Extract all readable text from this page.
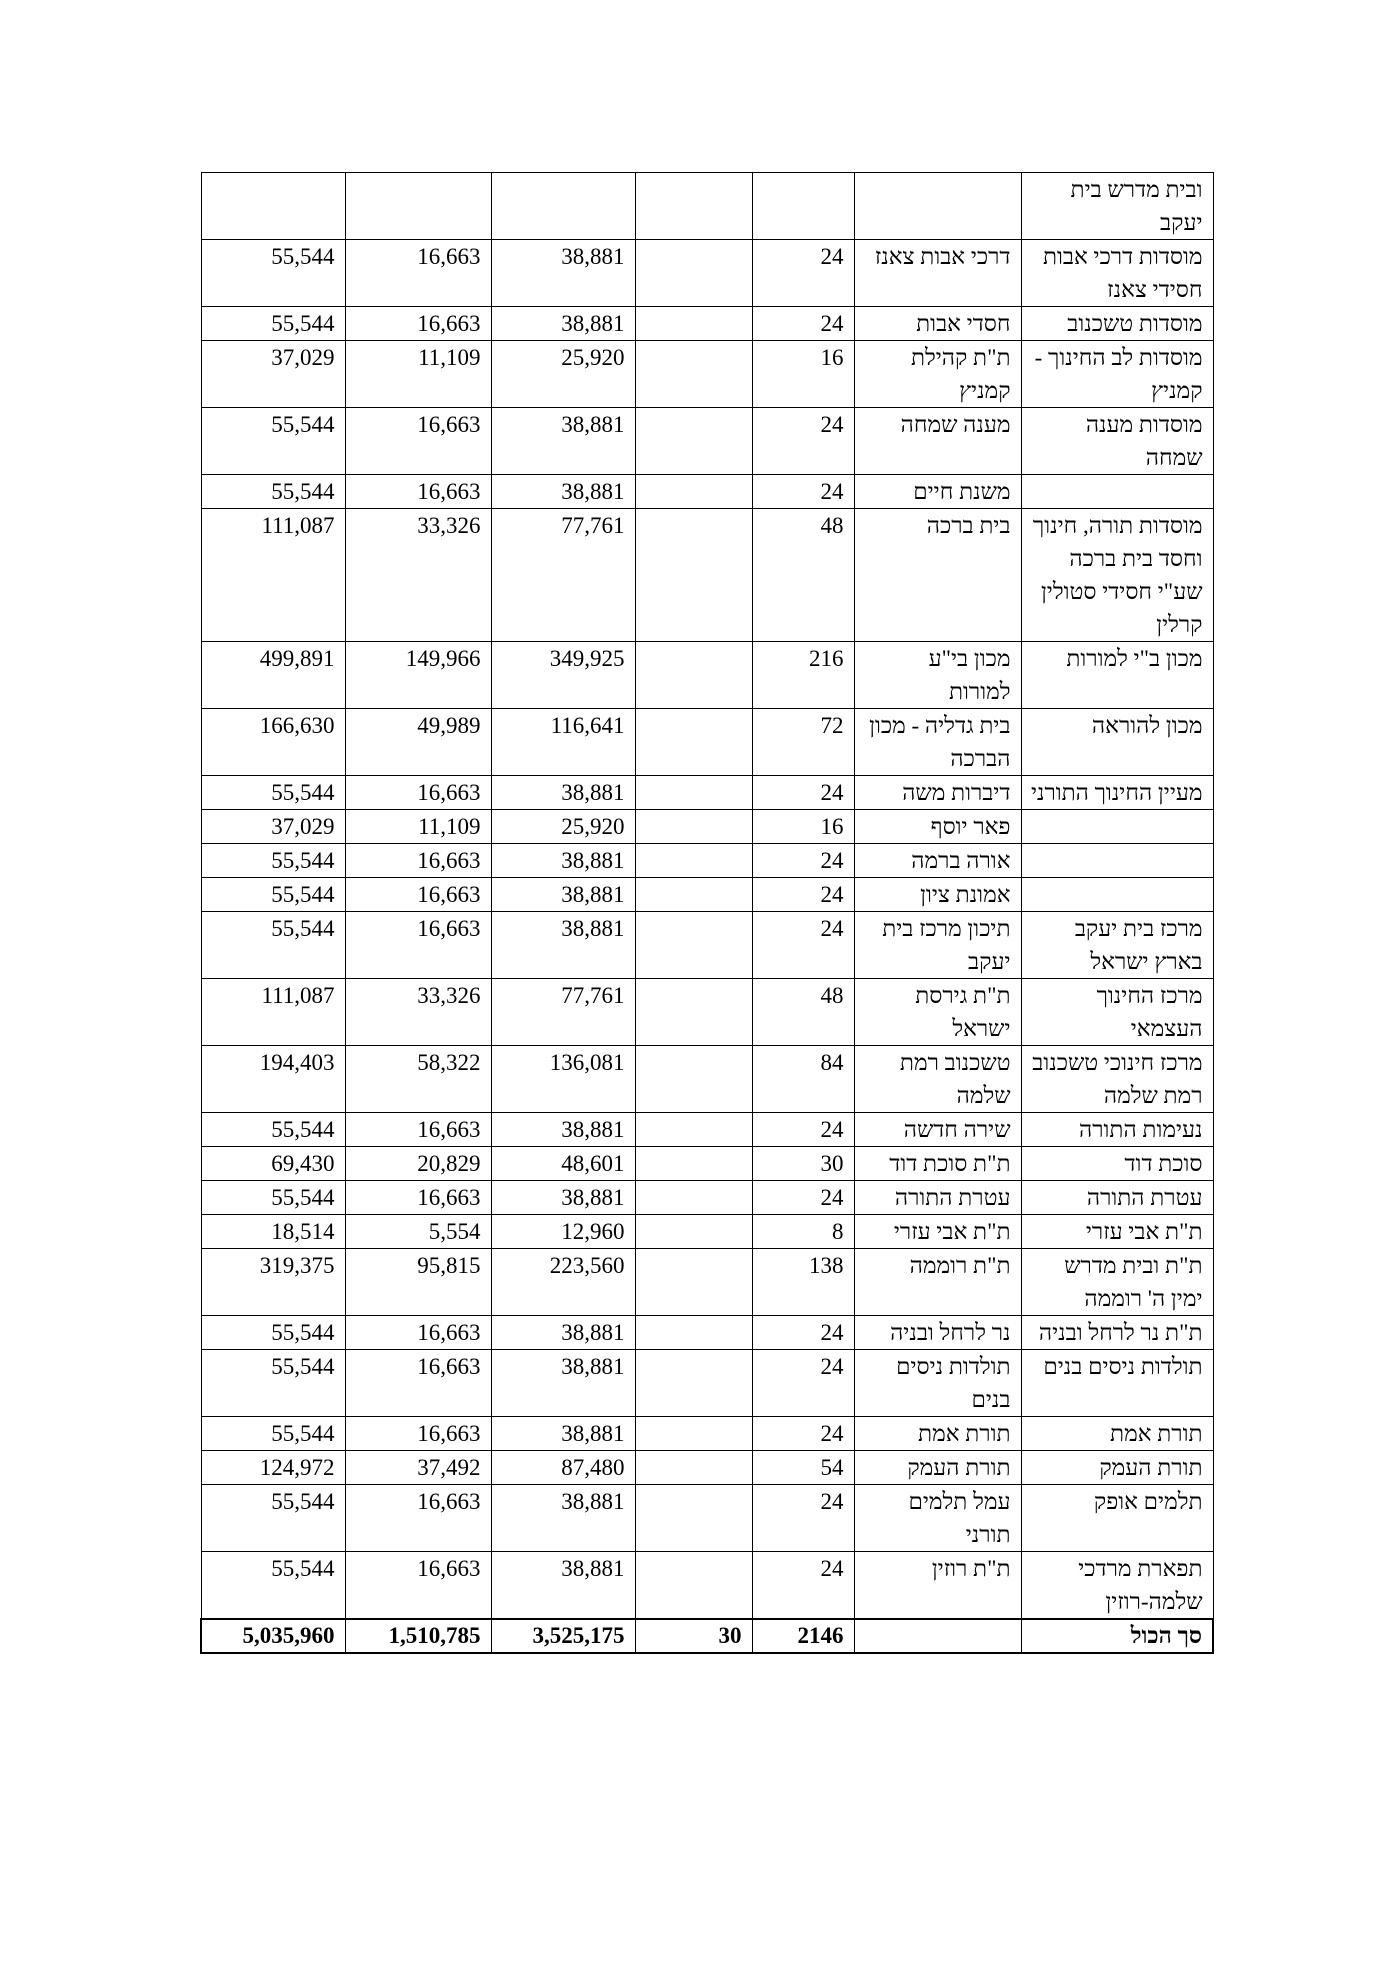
						ובית מדרש בית יעקב
55,544	16,663	38,881		24	דרכי אבות צאנז	מוסדות דרכי אבות חסידי צאנז
55,544	16,663	38,881		24	חסדי אבות	מוסדות טשכנוב
37,029	11,109	25,920		16	ת"ת קהילת קמניץ	מוסדות לב החינוך - קמניץ
55,544	16,663	38,881		24	מענה שמחה	מוסדות מענה שמחה
55,544	16,663	38,881		24	משנת חיים	
111,087	33,326	77,761		48	בית ברכה	מוסדות תורה, חינוך וחסד בית ברכה שע"י חסידי סטולין קרלין
499,891	149,966	349,925		216	מכון בי"ע למורות	מכון ב"י למורות
166,630	49,989	116,641		72	בית גדליה - מכון הברכה	מכון להוראה
55,544	16,663	38,881		24	דיברות משה	מעיין החינוך התורני
37,029	11,109	25,920		16	פאר יוסף	
55,544	16,663	38,881		24	אורה ברמה	
55,544	16,663	38,881		24	אמונת ציון	
55,544	16,663	38,881		24	תיכון מרכז בית יעקב	מרכז בית יעקב בארץ ישראל
111,087	33,326	77,761		48	ת"ת גירסת ישראל	מרכז החינוך העצמאי
194,403	58,322	136,081		84	טשכנוב רמת שלמה	מרכז חינוכי טשכנוב רמת שלמה
55,544	16,663	38,881		24	שירה חדשה	נעימות התורה
69,430	20,829	48,601		30	ת"ת סוכת דוד	סוכת דוד
55,544	16,663	38,881		24	עטרת התורה	עטרת התורה
18,514	5,554	12,960		8	ת"ת אבי עזרי	ת"ת אבי עזרי
319,375	95,815	223,560		138	ת"ת רוממה	ת"ת ובית מדרש ימין ה' רוממה
55,544	16,663	38,881		24	נר לרחל ובניה	ת"ת נר לרחל ובניה
55,544	16,663	38,881		24	תולדות ניסים בנים	תולדות ניסים בנים
55,544	16,663	38,881		24	תורת אמת	תורת אמת
124,972	37,492	87,480		54	תורת העמק	תורת העמק
55,544	16,663	38,881		24	עמל תלמים תורני	תלמים אופק
55,544	16,663	38,881		24	ת"ת רוזין	תפארת מרדכי שלמה-רוזין
5,035,960	1,510,785	3,525,175	30	2146		סך הכול
